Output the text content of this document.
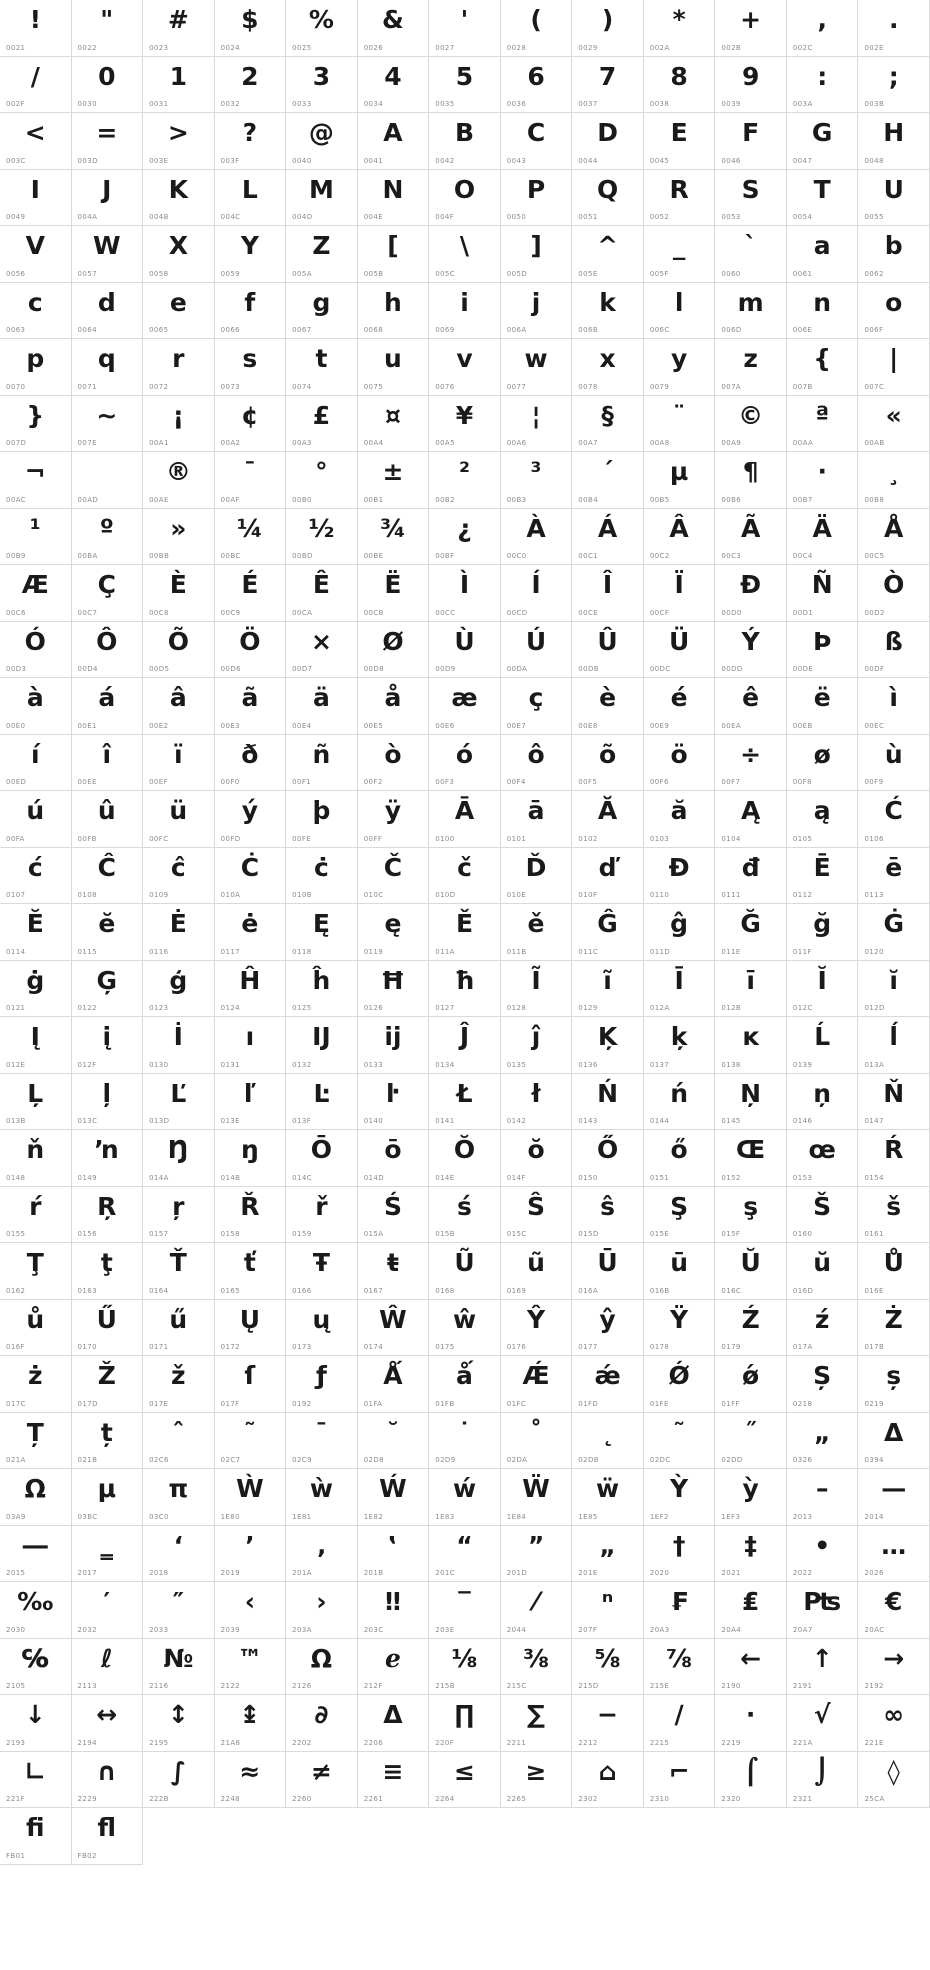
!
0021
"
0022
#
0023
$
0024
%
0025
&
0026
'
0027
(
0028
)
0029
*
002A
+
002B
,
002C
.
002E
/
002F
0
0030
1
0031
2
0032
3
0033
4
0034
5
0035
6
0036
7
0037
8
0038
9
0039
:
003A
;
003B
<
003C
=
003D
>
003E
?
003F
@
0040
A
0041
B
0042
C
0043
D
0044
E
0045
F
0046
G
0047
H
0048
I
0049
J
004A
K
004B
L
004C
M
004D
N
004E
O
004F
P
0050
Q
0051
R
0052
S
0053
T
0054
U
0055
V
0056
W
0057
X
0058
Y
0059
Z
005A
[
005B
\
005C
]
005D
^
005E
_
005F
`
0060
a
0061
b
0062
c
0063
d
0064
e
0065
f
0066
g
0067
h
0068
i
0069
j
006A
k
006B
l
006C
m
006D
n
006E
o
006F
p
0070
q
0071
r
0072
s
0073
t
0074
u
0075
v
0076
w
0077
x
0078
y
0079
z
007A
{
007B
|
007C
}
007D
~
007E
¡
00A1
¢
00A2
£
00A3
¤
00A4
¥
00A5
¦
00A6
§
00A7
¨
00A8
©
00A9
ª
00AA
«
00AB
¬
00AC	00AD
®
00AE
¯
00AF
°
00B0
±
00B1
²
00B2
³
00B3
´
00B4
µ
00B5
¶
00B6
·
00B7
¸
00B8
¹
00B9
º
00BA
»
00BB
¼
00BC
½
00BD
¾
00BE
¿
00BF
À
00C0
Á
00C1
Â
00C2
Ã
00C3
Ä
00C4
Å
00C5
Æ
00C6
Ç
00C7
È
00C8
É
00C9
Ê
00CA
Ë
00CB
Ì
00CC
Í
00CD
Î
00CE
Ï
00CF
Ð
00D0
Ñ
00D1
Ò
00D2
Ó
00D3
Ô
00D4
Õ
00D5
Ö
00D6
×
00D7
Ø
00D8
Ù
00D9
Ú
00DA
Û
00DB
Ü
00DC
Ý
00DD
Þ
00DE
ß
00DF
à
00E0
á
00E1
â
00E2
ã
00E3
ä
00E4
å
00E5
æ
00E6
ç
00E7
è
00E8
é
00E9
ê
00EA
ë
00EB
ì
00EC
í
00ED
î
00EE
ï
00EF
ð
00F0
ñ
00F1
ò
00F2
ó
00F3
ô
00F4
õ
00F5
ö
00F6
÷
00F7
ø
00F8
ù
00F9
ú
00FA
û
00FB
ü
00FC
ý
00FD
þ
00FE
ÿ
00FF
Ā
0100
ā
0101
Ă
0102
ă
0103
Ą
0104
ą
0105
Ć
0106
ć
0107
Ĉ
0108
ĉ
0109
Ċ
010A
ċ
010B
Č
010C
č
010D
Ď
010E
ď
010F
Đ
0110
đ
0111
Ē
0112
ē
0113
Ĕ
0114
ĕ
0115
Ė
0116
ė
0117
Ę
0118
ę
0119
Ě
011A
ě
011B
Ĝ
011C
ĝ
011D
Ğ
011E
ğ
011F
Ġ
0120
ġ
0121
Ģ
0122
ģ
0123
Ĥ
0124
ĥ
0125
Ħ
0126
ħ
0127
Ĩ
0128
ĩ
0129
Ī
012A
ī
012B
Ĭ
012C
ĭ
012D
Į
012E
į
012F
İ
0130
ı
0131
Ĳ
0132
ĳ
0133
Ĵ
0134
ĵ
0135
Ķ
0136
ķ
0137
ĸ
0138
Ĺ
0139
ĺ
013A
Ļ
013B
ļ
013C
Ľ
013D
ľ
013E
Ŀ
013F
ŀ
0140
Ł
0141
ł
0142
Ń
0143
ń
0144
Ņ
0145
ņ
0146
Ň
0147
ň
0148
ŉ
0149
Ŋ
014A
ŋ
014B
Ō
014C
ō
014D
Ŏ
014E
ŏ
014F
Ő
0150
ő
0151
Œ
0152
œ
0153
Ŕ
0154
ŕ
0155
Ŗ
0156
ŗ
0157
Ř
0158
ř
0159
Ś
015A
ś
015B
Ŝ
015C
ŝ
015D
Ş
015E
ş
015F
Š
0160
š
0161
Ţ
0162
ţ
0163
Ť
0164
ť
0165
Ŧ
0166
ŧ
0167
Ũ
0168
ũ
0169
Ū
016A
ū
016B
Ŭ
016C
ŭ
016D
Ů
016E
ů
016F
Ű
0170
ű
0171
Ų
0172
ų
0173
Ŵ
0174
ŵ
0175
Ŷ
0176
ŷ
0177
Ÿ
0178
Ź
0179
ź
017A
Ż
017B
ż
017C
Ž
017D
ž
017E
ſ
017F
ƒ
0192
Ǻ
01FA
ǻ
01FB
Ǽ
01FC
ǽ
01FD
Ǿ
01FE
ǿ
01FF
Ș
0218
ș
0219
Ț
021A
ț
021B
ˆ
02C6
˜
02C7
ˉ
02C9
˘
02D8
˙
02D9
˚
02DA
˛
02DB
˜
02DC
˝
02DD
„
0326
Δ
0394
Ω
03A9
μ
03BC
π
03C0
Ẁ
1E80
ẁ
1E81
Ẃ
1E82
ẃ
1E83
Ẅ
1E84
ẅ
1E85
Ỳ
1EF2
ỳ
1EF3
–
2013
—
2014
―
2015
‗
2017
‘
2018
’
2019
‚
201A
‛
201B
“
201C
”
201D
„
201E
†
2020
‡
2021
•
2022
…
2026
‰
2030
′
2032
″
2033
‹
2039
›
203A
‼
203C
‾
203E
⁄
2044
ⁿ
207F
₣
20A3
₤
20A4
₧
20A7
€
20AC
℅
2105
ℓ
2113
№
2116
™
2122
Ω
2126
ℯ
212F
⅛
215B
⅜
215C
⅝
215D
⅞
215E
←
2190
↑
2191
→
2192
↓
2193
↔
2194
↕
2195
↨
21A8
∂
2202
Δ
2206
∏
220F
∑
2211
−
2212
∕
2215
∙
2219
√
221A
∞
221E
∟
221F
∩
2229
∫
222B
≈
2248
≠
2260
≡
2261
≤
2264
≥
2265
⌂
2302
⌐
2310
⌠
2320
⌡
2321
◊
25CA
ﬁ
FB01
ﬂ
FB02
